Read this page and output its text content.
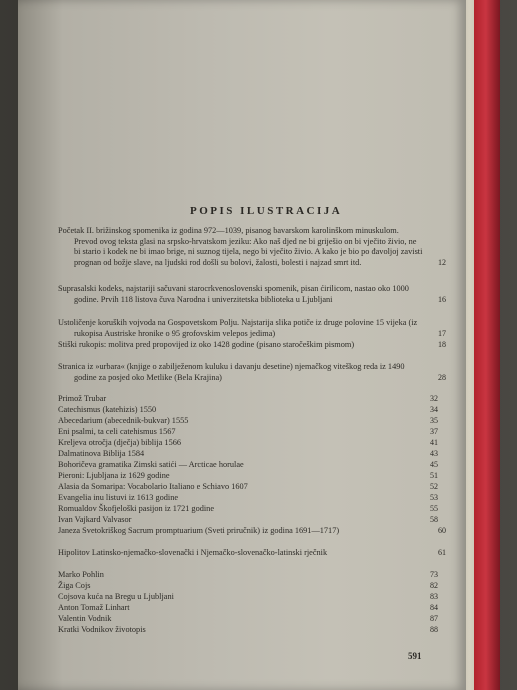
POPIS ILUSTRACIJA
Početak II. brižinskog spomenika iz godina 972—1039, pisanog bavarskom karolinškom minuskulom. Prevod ovog teksta glasi na srpsko-hrvatskom jeziku: Ako naš djed ne bi griješio on bi vječito živio, ne bi stario i kodek ne bi imao brige, ni suznog tijela, nego bi vječito živio. A kako je bio po đavoljoj zavisti prognan od božje slave, na ljudski rod došli su bolovi, žalosti, bolesti i najzad smrt itd.	12
Suprasalski kodeks, najstariji sačuvani starocrkvenoslovenski spomenik, pisan ćirilicom, nastao oko 1000 godine. Prvih 118 listova čuva Narodna i univerzitetska biblioteka u Ljubljani	16
Ustoličenje koruških vojvoda na Gospovetskom Polju. Najstarija slika potiče iz druge polovine 15 vijeka (iz rukopisa Austriske hronike o 95 grofovskim velepos jedima)	17
Stiški rukopis: molitva pred propovijed iz oko 1428 godine (pisano staročeškim pismom)	18
Stranica iz »urbara« (knjige o zabilježenom kuluku i davanju desetine) njemačkog viteškog reda iz 1490 godine za posjed oko Metlike (Bela Krajina)	28
Primož Trubar	32
Catechismus (katehizis) 1550	34
Abecedarium (abecednik-bukvar) 1555	35
Eni psalmi, ta celi catehismus 1567	37
Krelјeva otročja (dječja) biblija 1566	41
Dalmatinova Biblija 1584	43
Bohoričeva gramatika Zimski satići — Arcticae horulae	45
Pieroni: Ljubljana iz 1629 godine	51
Alasia da Somaripa: Vocabolario Italiano e Schiavo 1607	52
Evangelia inu listuvi iz 1613 godine	53
Romualdov Škofjeloški pasijon iz 1721 godine	55
Ivan Vajkard Valvasor	58
Janeza Svetokriškog Sacrum promptuarium (Sveti priručnik) iz godina 1691—1717)	60
Hipolitov Latinsko-njemačko-slovenački i Njemačko-slovenačko-latinski rječnik	61
Marko Pohlin	73
Žiga Cojs	82
Cojsova kuća na Bregu u Ljubljani	83
Anton Tomaž Linhart	84
Valentin Vodnik	87
Kratki Vodnikov životopis	88
591
